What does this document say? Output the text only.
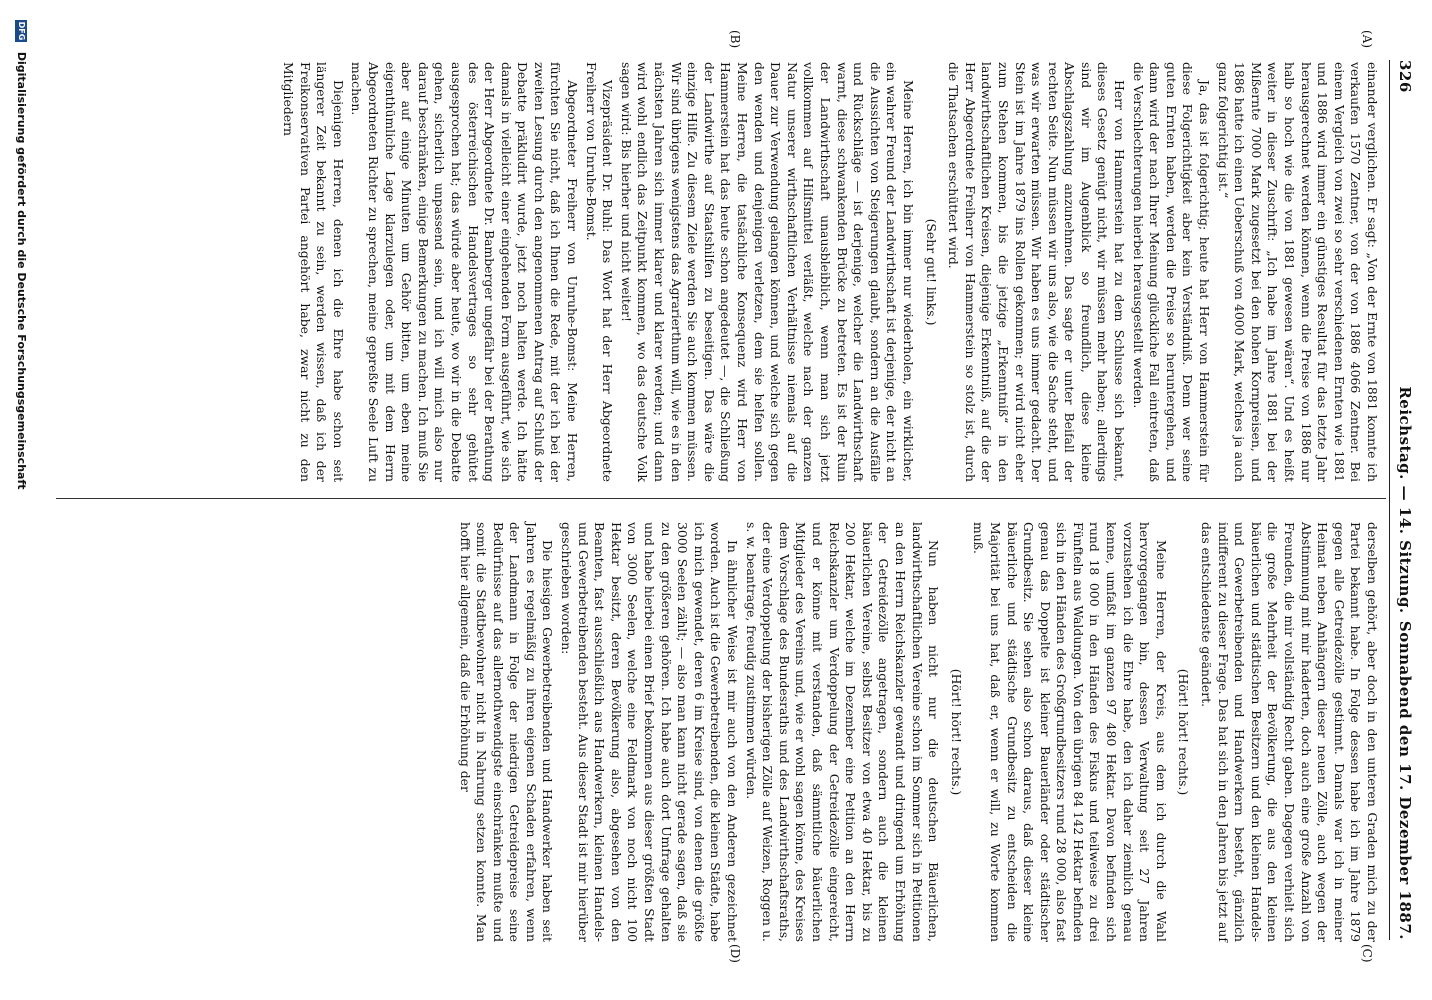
326
Reichstag. — 14. Sitzung.
Sonnabend den 17. Dezember 1887.
(A)
(B)
(C)
(D)

einander verglichen. Er sagt: „Von der Ernte von 1881 konnte ich verkaufen 1570 Zentner, von der von 1886 4066 Zentner. Bei einem Vergleich von zwei so sehr verschiedenen Ernten wie 1881 und 1886 wird immer ein günstiges Resultat für das letzte Jahr herausgerechnet werden können, wenn die Preise von 1886 nur halb so hoch wie die von 1881 gewesen wären“. Und es heißt weiter in dieser Zuschrift: „Ich habe im Jahre 1881 bei der Mißernte 7000 Mark zugesetzt bei den hohen Kornpreisen, und 1886 hatte ich einen Ueberschuß von 4000 Mark, welches ja auch ganz folgerichtig ist.“

Ja, das ist folgerichtig; heute hat Herr von Hammerstein für diese Folgerichtigkeit aber kein Verständniß. Denn wer seine guten Ernten haben, werden die Preise so heruntergehen, und dann wird der nach Ihrer Meinung glückliche Fall eintreten, daß die Verschlechterungen hierbei herausgestellt werden.

Herr von Hammerstein hat zu dem Schlusse sich bekannt, dieses Gesetz genügt nicht, wir müssen mehr haben; allerdings sind wir im Augenblick so freundlich, diese kleine Abschlagszahlung anzunehmen. Das sagte er unter Beifall der rechten Seite. Nun müssen wir uns also, wie die Sache steht, und was wir erwarten müssen. Wir haben es uns immer gedacht. Der Stein ist im Jahre 1879 ins Rollen gekommen; er wird nicht eher zum Stehen kommen, bis die jetzige „Erkenntniß“ in den landwirthschaftlichen Kreisen, diejenige Erkenntniß, auf die der Herr Abgeordnete Freiherr von Hammerstein so stolz ist, durch die Thatsachen erschüttert wird.

(Sehr gut! links.)

Meine Herren, ich bin immer nur wiederholen, ein wirklicher, ein wahrer Freund der Landwirthschaft ist derjenige, der nicht an die Aussichten von Steigerungen glaubt, sondern an die Ausfälle und Rückschläge — ist derjenige, welcher die Landwirthschaft warnt, diese schwankenden Brücke zu betreten. Es ist der Ruin der Landwirthschaft unausbleiblich, wenn man sich jetzt vollkommen auf Hilfsmittel verläßt, welche nach der ganzen Natur unserer wirthschaftlichen Verhältnisse niemals auf die Dauer zur Verwendung gelangen können, und welche sich gegen den wenden und denjenigen verletzen, dem sie helfen sollen. Meine Herren, die tatsächliche Konsequenz wird Herr von Hammerstein hat das heute schon angedeutet —, die Schließung der Landwirthe auf Staatshilfen zu beseitigen. Das wäre die einzige Hilfe. Zu diesem Ziele werden Sie auch kommen müssen. Wir sind übrigens wenigstens das Agrarierthum will, wie es in den nächsten Jahren sich immer klarer und klarer werden; und dann wird wohl endlich das Zeitpunkt kommen, wo das deutsche Volk sagen wird: Bis hierher und nicht weiter!

Vizepräsident Dr. Buhl: Das Wort hat der Herr Abgeordnete Freiherr von Unruhe-Bomst.

Abgeordneter Freiherr von Unruhe-Bomst: Meine Herren, fürchten Sie nicht, daß ich Ihnen die Rede, mit der ich bei der zweiten Lesung durch den angenommenen Antrag auf Schluß der Debatte präkludirt wurde, jetzt noch halten werde. Ich hätte damals in vielleicht einer eingehenden Form ausgeführt, wie sich der Herr Abgeordnete Dr. Bamberger ungefähr bei der Berathung des österreichischen Handelsvertrages so sehr gehütet ausgesprochen hat; das würde aber heute, wo wir in die Debatte gehen, sicherlich unpassend sein, und ich will mich also nur darauf beschränken, einige Bemerkungen zu machen. Ich muß Sie aber auf einige Minuten um Gehör bitten, um eben meine eigenthümliche Lage klarzulegen oder, um mit dem Herrn Abgeordneten Richter zu sprechen, meine gepreßte Seele Luft zu machen.

Diejenigen Herren, denen ich die Ehre habe schon seit längerer Zeit bekannt zu sein, werden wissen, daß ich der Freikonservativen Partei angehört habe, zwar nicht zu den Mitgliedern

derselben gehört, aber doch in den unteren Graden mich zu der Partei bekannt habe. In Folge dessen habe ich im Jahre 1879 gegen alle Getreidezölle gestimmt. Damals war ich in meiner Heimat neben Anhängern dieser neuen Zölle, auch wegen der Abstimmung mit mir haderten, doch auch eine große Anzahl von Freunden, die mir vollständig Recht gaben. Dagegen verhielt sich die große Mehrheit der Bevölkerung, die aus den kleinen bäuerlichen und städtischen Besitzern und den kleinen Handels- und Gewerbetreibenden und Handwerkern besteht, gänzlich indifferent zu dieser Frage. Das hat sich in den Jahren bis jetzt auf das entschiedenste geändert.

(Hört! hört! rechts.)

Meine Herren, der Kreis, aus dem ich durch die Wahl hervorgegangen bin, dessen Verwaltung seit 27 Jahren vorzustehen ich die Ehre habe, den ich daher ziemlich genau kenne, umfaßt im ganzen 97 480 Hektar. Davon befinden sich rund 18 000 in den Händen des Fiskus und teilweise zu drei Fünfteln aus Waldungen. Von den übrigen 84 142 Hektar befinden sich in den Händen des Großgrundbesitzers rund 28 000, also fast genau das Doppelte ist kleiner Bauerländer oder städtischer Grundbesitz. Sie sehen also schon daraus, daß dieser kleine bäuerliche und städtische Grundbesitz zu entscheiden die Majorität bei uns hat, daß er, wenn er will, zu Worte kommen muß.

(Hört! hört! rechts.)

Nun haben nicht nur die deutschen Bäuerlichen, landwirthschaftlichen Vereine schon im Sommer sich in Petitionen an den Herrn Reichskanzler gewandt und dringend um Erhöhung der Getreidezölle angetragen, sondern auch die kleinen bäuerlichen Vereine, selbst Besitzer von etwa 40 Hektar, bis zu 200 Hektar, welche im Dezember eine Petition an den Herrn Reichskanzler um Verdoppelung der Getreidezölle eingereicht, und er könne mit verstanden, daß sämmtliche bäuerlichen Mitglieder des Vereins und, wie er wohl sagen könne, des Kreises dem Vorschlage des Bundesraths und des Landwirthschaftsraths, der eine Verdoppelung der bisherigen Zölle auf Weizen, Roggen u. s. w. beantrage, freudig zustimmen würden.

In ähnlicher Weise ist mir auch von den Anderen gezeichnet worden. Auch ist die Gewerbetreibenden, die kleinen Städte, habe ich mich gewendet, deren 6 im Kreise sind, von denen die größte 3000 Seelen zählt; — also man kann nicht gerade sagen, daß sie zu den größeren gehören. Ich habe auch dort Umfrage gehalten und habe hierbei einen Brief bekommen aus dieser größten Stadt von 3000 Seelen, welche eine Feldmark von noch nicht 100 Hektar besitzt, deren Bevölkerung also, abgesehen von den Beamten, fast ausschließlich aus Handwerkern, kleinen Handels- und Gewerbetreibenden besteht. Aus dieser Stadt ist mir hierüber geschrieben worden:

Die hiesigen Gewerbetreibenden und Handwerker haben seit Jahren es regelmäßig zu ihren eigenen Schaden erfahren, wenn der Landmann in Folge der niedrigen Getreidepreise seine Bedürfnisse auf das allernothwendigste einschränken mußte und somit die Stadtbewohner nicht in Nahrung setzen konnte. Man hofft hier allgemein, daß die Erhöhung der

DFG Digitalisierung gefördert durch die Deutsche Forschungsgemeinschaft
